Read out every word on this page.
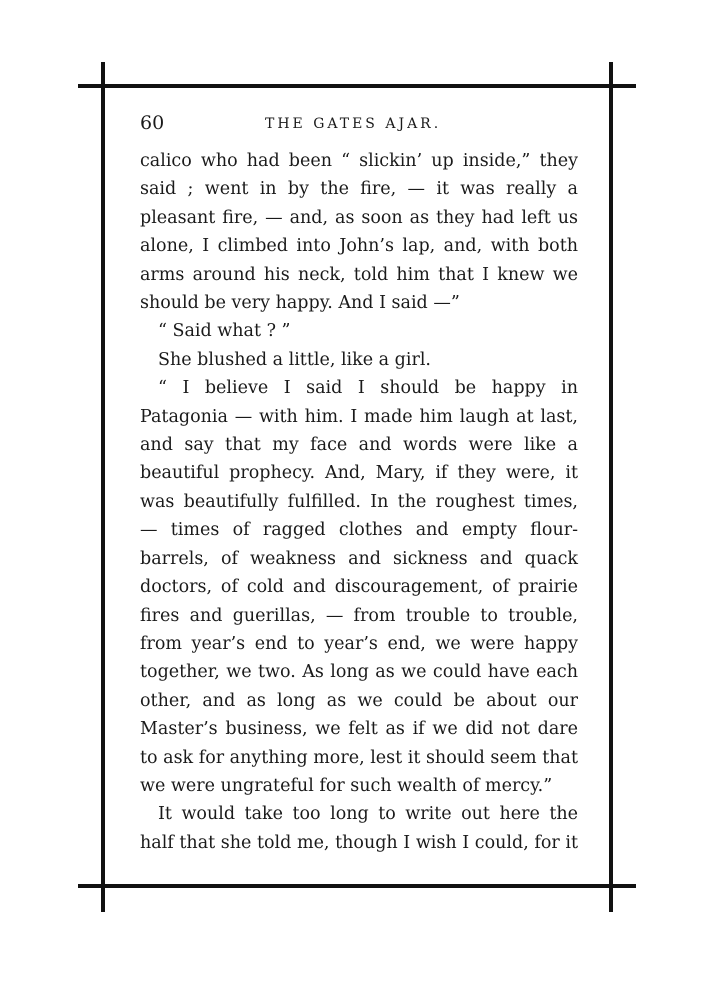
60	THE GATES AJAR.

calico who had been “ slickin’ up inside,” they said ; went in by the fire, — it was really a pleasant fire, — and, as soon as they had left us alone, I climbed into John’s lap, and, with both arms around his neck, told him that I knew we should be very happy. And I said —”

“ Said what ? ”

She blushed a little, like a girl.

“ I believe I said I should be happy in Patagonia — with him. I made him laugh at last, and say that my face and words were like a beautiful prophecy. And, Mary, if they were, it was beautifully fulfilled. In the roughest times, — times of ragged clothes and empty flour-barrels, of weakness and sickness and quack doctors, of cold and discouragement, of prairie fires and guerillas, — from trouble to trouble, from year’s end to year’s end, we were happy together, we two. As long as we could have each other, and as long as we could be about our Master’s business, we felt as if we did not dare to ask for anything more, lest it should seem that we were ungrateful for such wealth of mercy.”

It would take too long to write out here the half that she told me, though I wish I could, for it
